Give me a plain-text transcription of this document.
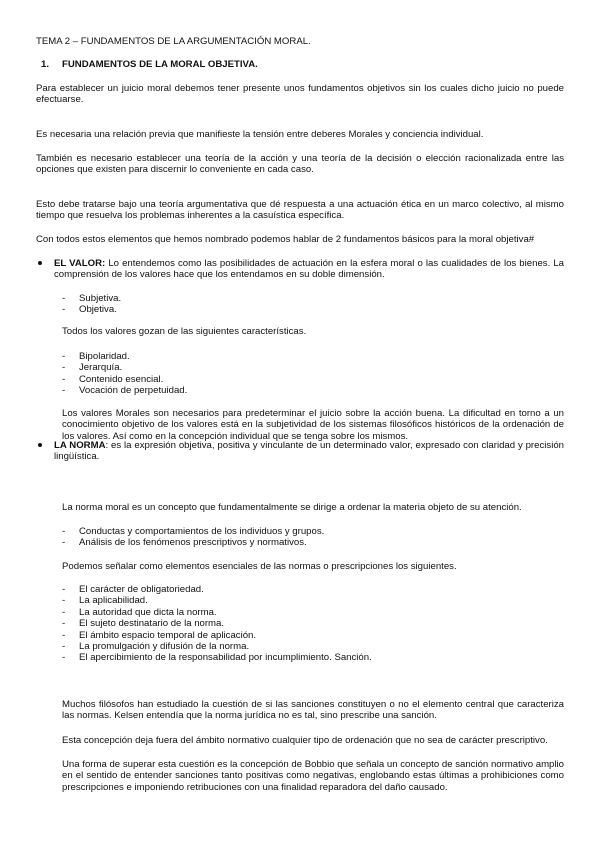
TEMA 2 – FUNDAMENTOS DE LA ARGUMENTACIÓN MORAL.

1. FUNDAMENTOS DE LA MORAL OBJETIVA.

Para establecer un juicio moral debemos tener presente unos fundamentos objetivos sin los cuales dicho juicio no puede efectuarse.

Es necesaria una relación previa que manifieste la tensión entre deberes Morales y conciencia individual.

También es necesario establecer una teoría de la acción y una teoría de la decisión o elección racionalizada entre las opciones que existen para discernir lo conveniente en cada caso.

Esto debe tratarse bajo una teoría argumentativa que dé respuesta a una actuación ética en un marco colectivo, al mismo tiempo que resuelva los problemas inherentes a la casuística específica.

Con todos estos elementos que hemos nombrado podemos hablar de 2 fundamentos básicos para la moral objetiva#

EL VALOR: Lo entendemos como las posibilidades de actuación en la esfera moral o las cualidades de los bienes. La comprensión de los valores hace que los entendamos en su doble dimensión.

- Subjetiva.
- Objetiva.

Todos los valores gozan de las siguientes características.

- Bipolaridad.
- Jerarquía.
- Contenido esencial.
- Vocación de perpetuidad.

Los valores Morales son necesarios para predeterminar el juicio sobre la acción buena. La dificultad en torno a un conocimiento objetivo de los valores está en la subjetividad de los sistemas filosóficos históricos de la ordenación de los valores. Así como en la concepción individual que se tenga sobre los mismos.

LA NORMA: es la expresión objetiva, positiva y vinculante de un determinado valor, expresado con claridad y precisión lingüística.

La norma moral es un concepto que fundamentalmente se dirige a ordenar la materia objeto de su atención.

- Conductas y comportamientos de los individuos y grupos.
- Análisis de los fenómenos prescriptivos y normativos.

Podemos señalar como elementos esenciales de las normas o prescripciones los siguientes.

- El carácter de obligatoriedad.
- La aplicabilidad.
- La autoridad que dicta la norma.
- El sujeto destinatario de la norma.
- El ámbito espacio temporal de aplicación.
- La promulgación y difusión de la norma.
- El apercibimiento de la responsabilidad por incumplimiento. Sanción.

Muchos filósofos han estudiado la cuestión de si las sanciones constituyen o no el elemento central que caracteriza las normas. Kelsen entendía que la norma jurídica no es tal, sino prescribe una sanción.

Esta concepción deja fuera del ámbito normativo cualquier tipo de ordenación que no sea de carácter prescriptivo.

Una forma de superar esta cuestión es la concepción de Bobbio que señala un concepto de sanción normativo amplio en el sentido de entender sanciones tanto positivas como negativas, englobando estas últimas a prohibiciones como prescripciones e imponiendo retribuciones con una finalidad reparadora del daño causado.
